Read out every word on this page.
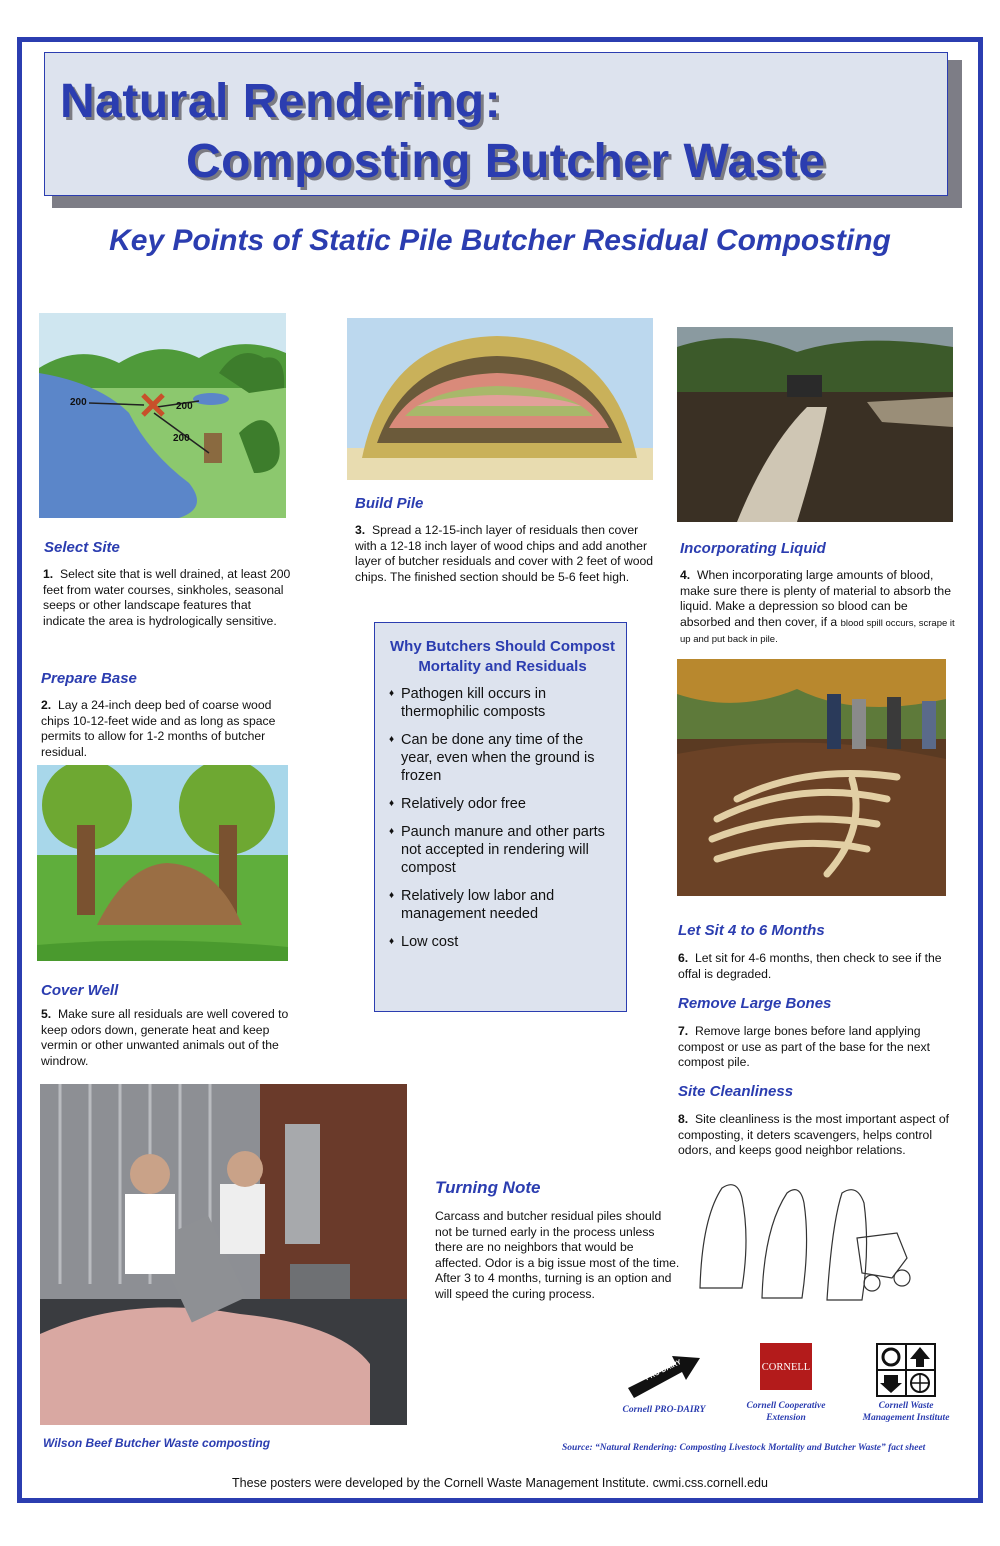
Natural Rendering:
Composting Butcher Waste
Key Points of Static Pile Butcher Residual Composting
200	200
200
Select Site
1. Select site that is well drained, at least 200 feet from water courses, sinkholes, seasonal seeps or other landscape features that indicate the area is hydrologically sensitive.
Prepare Base
2. Lay a 24-inch deep bed of coarse wood chips 10-12-feet wide and as long as space permits to allow for 1-2 months of butcher residual.
Build Pile
3. Spread a 12-15-inch layer of residuals then cover with a 12-18 inch layer of wood chips and add another layer of butcher residuals and cover with 2 feet of wood chips. The finished section should be 5-6 feet high.
Incorporating Liquid
4. When incorporating large amounts of blood, make sure there is plenty of material to absorb the liquid. Make a depression so blood can be absorbed and then cover, if a blood spill occurs, scrape it up and put back in pile.
Cover Well
5. Make sure all residuals are well covered to keep odors down, generate heat and keep vermin or other unwanted animals out of the windrow.
Let Sit 4 to 6 Months
6. Let sit for 4-6 months, then check to see if the offal is degraded.
Remove Large Bones
7. Remove large bones before land applying compost or use as part of the base for the next compost pile.
Site Cleanliness
8. Site cleanliness is the most important aspect of composting, it deters scavengers, helps control odors, and keeps good neighbor relations.
Why Butchers Should Compost Mortality and Residuals
♦ Pathogen kill occurs in thermophilic composts
♦ Can be done any time of the year, even when the ground is frozen
♦ Relatively odor free
♦ Paunch manure and other parts not accepted in rendering will compost
♦ Relatively low labor and management needed
♦ Low cost
Turning Note
Carcass and butcher residual piles should not be turned early in the process unless there are no neighbors that would be affected. Odor is a big issue most of the time. After 3 to 4 months, turning is an option and will speed the curing process.
Wilson Beef Butcher Waste composting
PRO-DAIRY
Cornell PRO-DAIRY
CORNELL
Cornell Cooperative
Extension
Cornell Waste
Management Institute
Source: “Natural Rendering: Composting Livestock Mortality and Butcher Waste” fact sheet
These posters were developed by the Cornell Waste Management Institute. cwmi.css.cornell.edu
